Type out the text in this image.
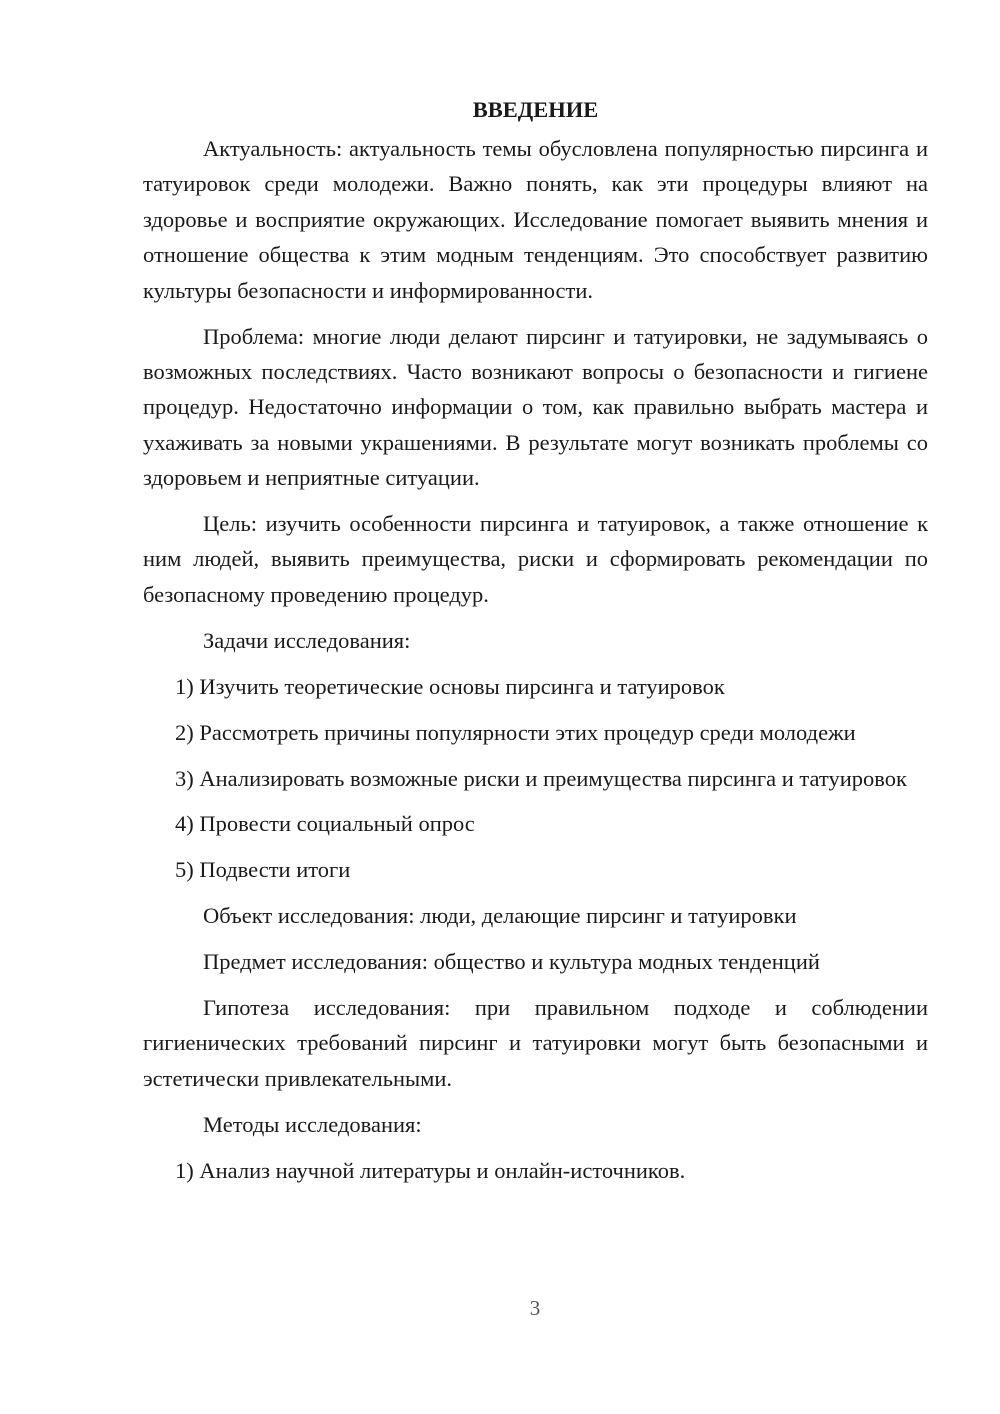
ВВЕДЕНИЕ

Актуальность: актуальность темы обусловлена популярностью пирсинга и татуировок среди молодежи. Важно понять, как эти процедуры влияют на здоровье и восприятие окружающих. Исследование помогает выявить мнения и отношение общества к этим модным тенденциям. Это способствует развитию культуры безопасности и информированности.

Проблема: многие люди делают пирсинг и татуировки, не задумываясь о возможных последствиях. Часто возникают вопросы о безопасности и гигиене процедур. Недостаточно информации о том, как правильно выбрать мастера и ухаживать за новыми украшениями. В результате могут возникать проблемы со здоровьем и неприятные ситуации.

Цель: изучить особенности пирсинга и татуировок, а также отношение к ним людей, выявить преимущества, риски и сформировать рекомендации по безопасному проведению процедур.

Задачи исследования:
1) Изучить теоретические основы пирсинга и татуировок
2) Рассмотреть причины популярности этих процедур среди молодежи

3) Анализировать возможные риски и преимущества пирсинга и татуировок

4) Провести социальный опрос
5) Подвести итоги
Объект исследования: люди, делающие пирсинг и татуировки
Предмет исследования: общество и культура модных тенденций

Гипотеза исследования: при правильном подходе и соблюдении гигиенических требований пирсинг и татуировки могут быть безопасными и эстетически привлекательными.

Методы исследования:
1) Анализ научной литературы и онлайн-источников.
3
